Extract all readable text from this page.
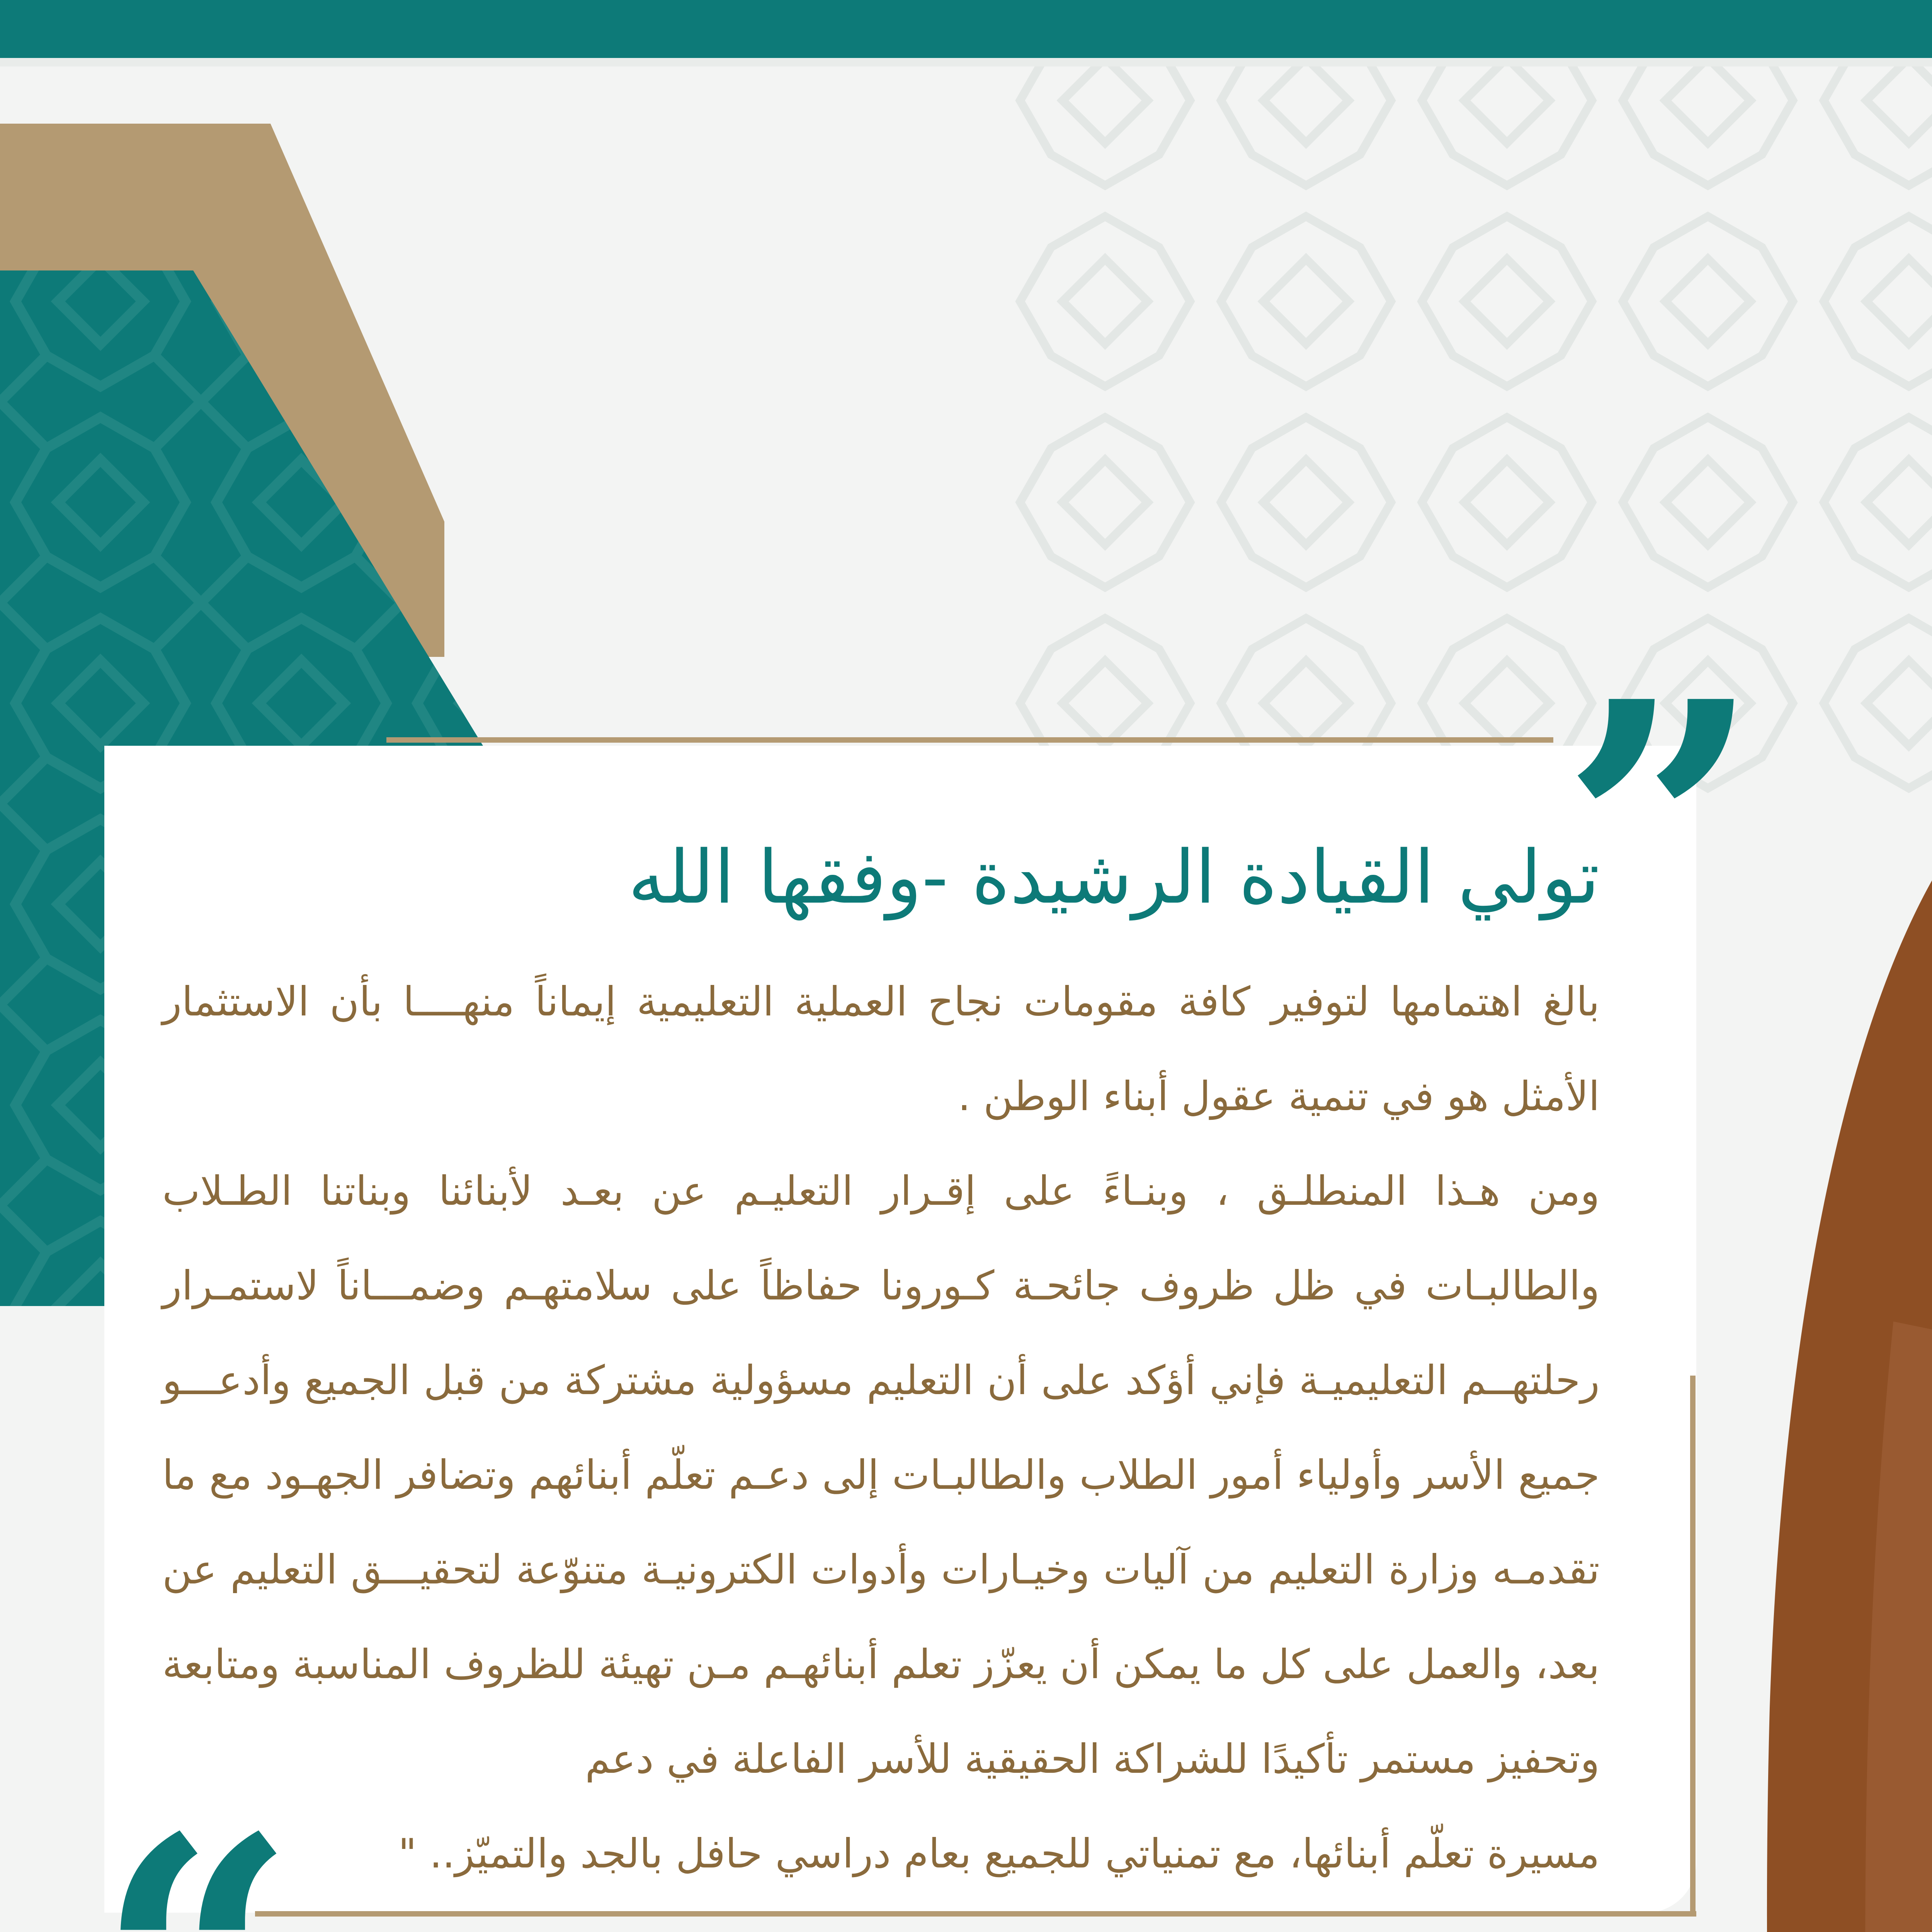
”
تولي القيادة الرشيدة -وفقها الله

بالغ اهتمامها لتوفير كافة مقومات نجاح العملية التعليمية إيماناً منهــــا بأن الاستثمار الأمثل هو في تنمية عقول أبناء الوطن .

ومن هـذا المنطلـق ، وبنـاءً على إقـرار التعليـم عن بعـد لأبنائنا وبناتنا الطـلاب والطالبـات في ظل ظروف جائحـة كـورونا حفاظاً على سلامتهـم وضمـــاناً لاستمـرار رحلتهــم التعليميـة فإني أؤكد على أن التعليم مسؤولية مشتركة من قبل الجميع وأدعـــو جميع الأسر وأولياء أمور الطلاب والطالبـات إلى دعـم تعلّم أبنائهم وتضافر الجهـود مع ما تقدمـه وزارة التعليم من آليات وخيـارات وأدوات الكترونيـة متنوّعة لتحقيـــق التعليم عن بعد، والعمل على كل ما يمكن أن يعزّز تعلم أبنائهـم مـن تهيئة للظروف المناسبة ومتابعة وتحفيز مستمر تأكيدًا للشراكة الحقيقية للأسر الفاعلة في دعم

مسيرة تعلّم أبنائها، مع تمنياتي للجميع بعام دراسي حافل بالجد والتميّز.. "
